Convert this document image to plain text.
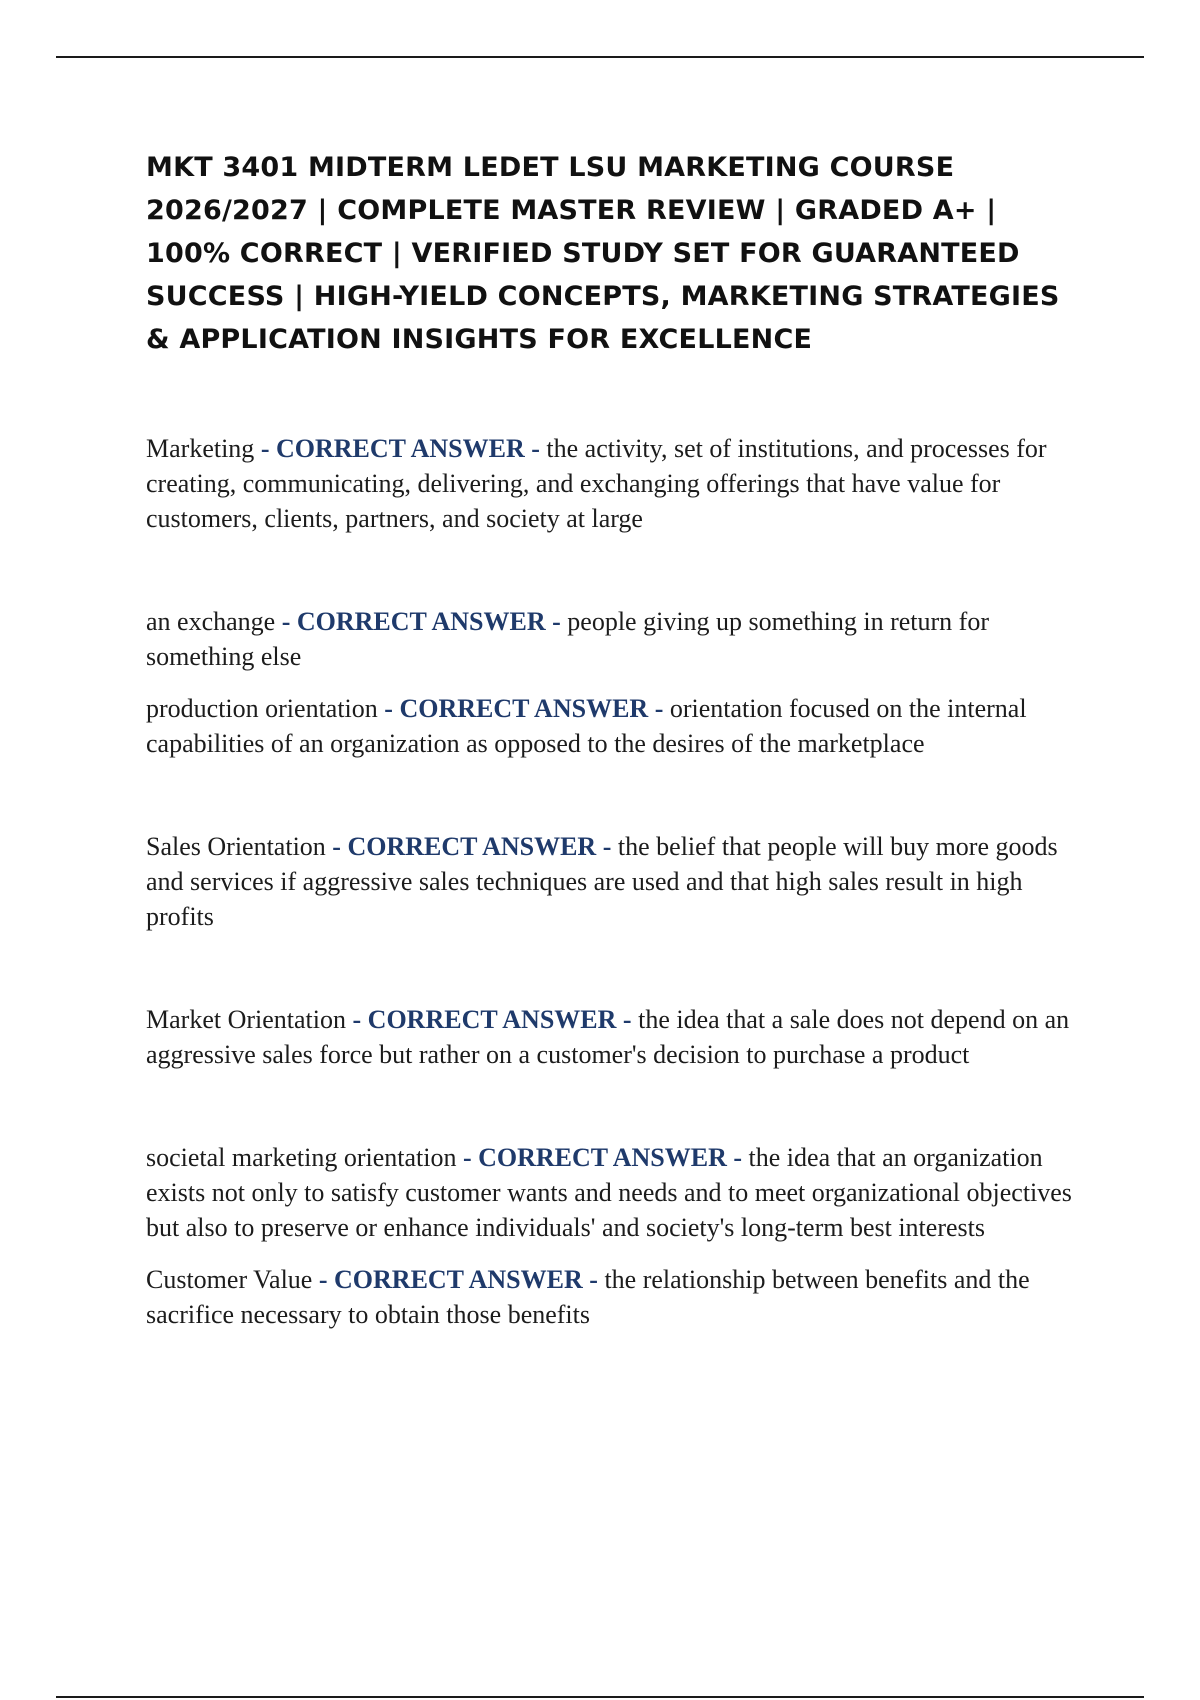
MKT 3401 MIDTERM LEDET LSU MARKETING COURSE 2026/2027 | COMPLETE MASTER REVIEW | GRADED A+ | 100% CORRECT | VERIFIED STUDY SET FOR GUARANTEED SUCCESS | HIGH-YIELD CONCEPTS, MARKETING STRATEGIES & APPLICATION INSIGHTS FOR EXCELLENCE

Marketing - CORRECT ANSWER - the activity, set of institutions, and processes for creating, communicating, delivering, and exchanging offerings that have value for customers, clients, partners, and society at large

an exchange - CORRECT ANSWER - people giving up something in return for something else

production orientation - CORRECT ANSWER - orientation focused on the internal capabilities of an organization as opposed to the desires of the marketplace

Sales Orientation - CORRECT ANSWER - the belief that people will buy more goods and services if aggressive sales techniques are used and that high sales result in high profits

Market Orientation - CORRECT ANSWER - the idea that a sale does not depend on an aggressive sales force but rather on a customer's decision to purchase a product

societal marketing orientation - CORRECT ANSWER - the idea that an organization exists not only to satisfy customer wants and needs and to meet organizational objectives but also to preserve or enhance individuals' and society's long-term best interests

Customer Value - CORRECT ANSWER - the relationship between benefits and the sacrifice necessary to obtain those benefits
